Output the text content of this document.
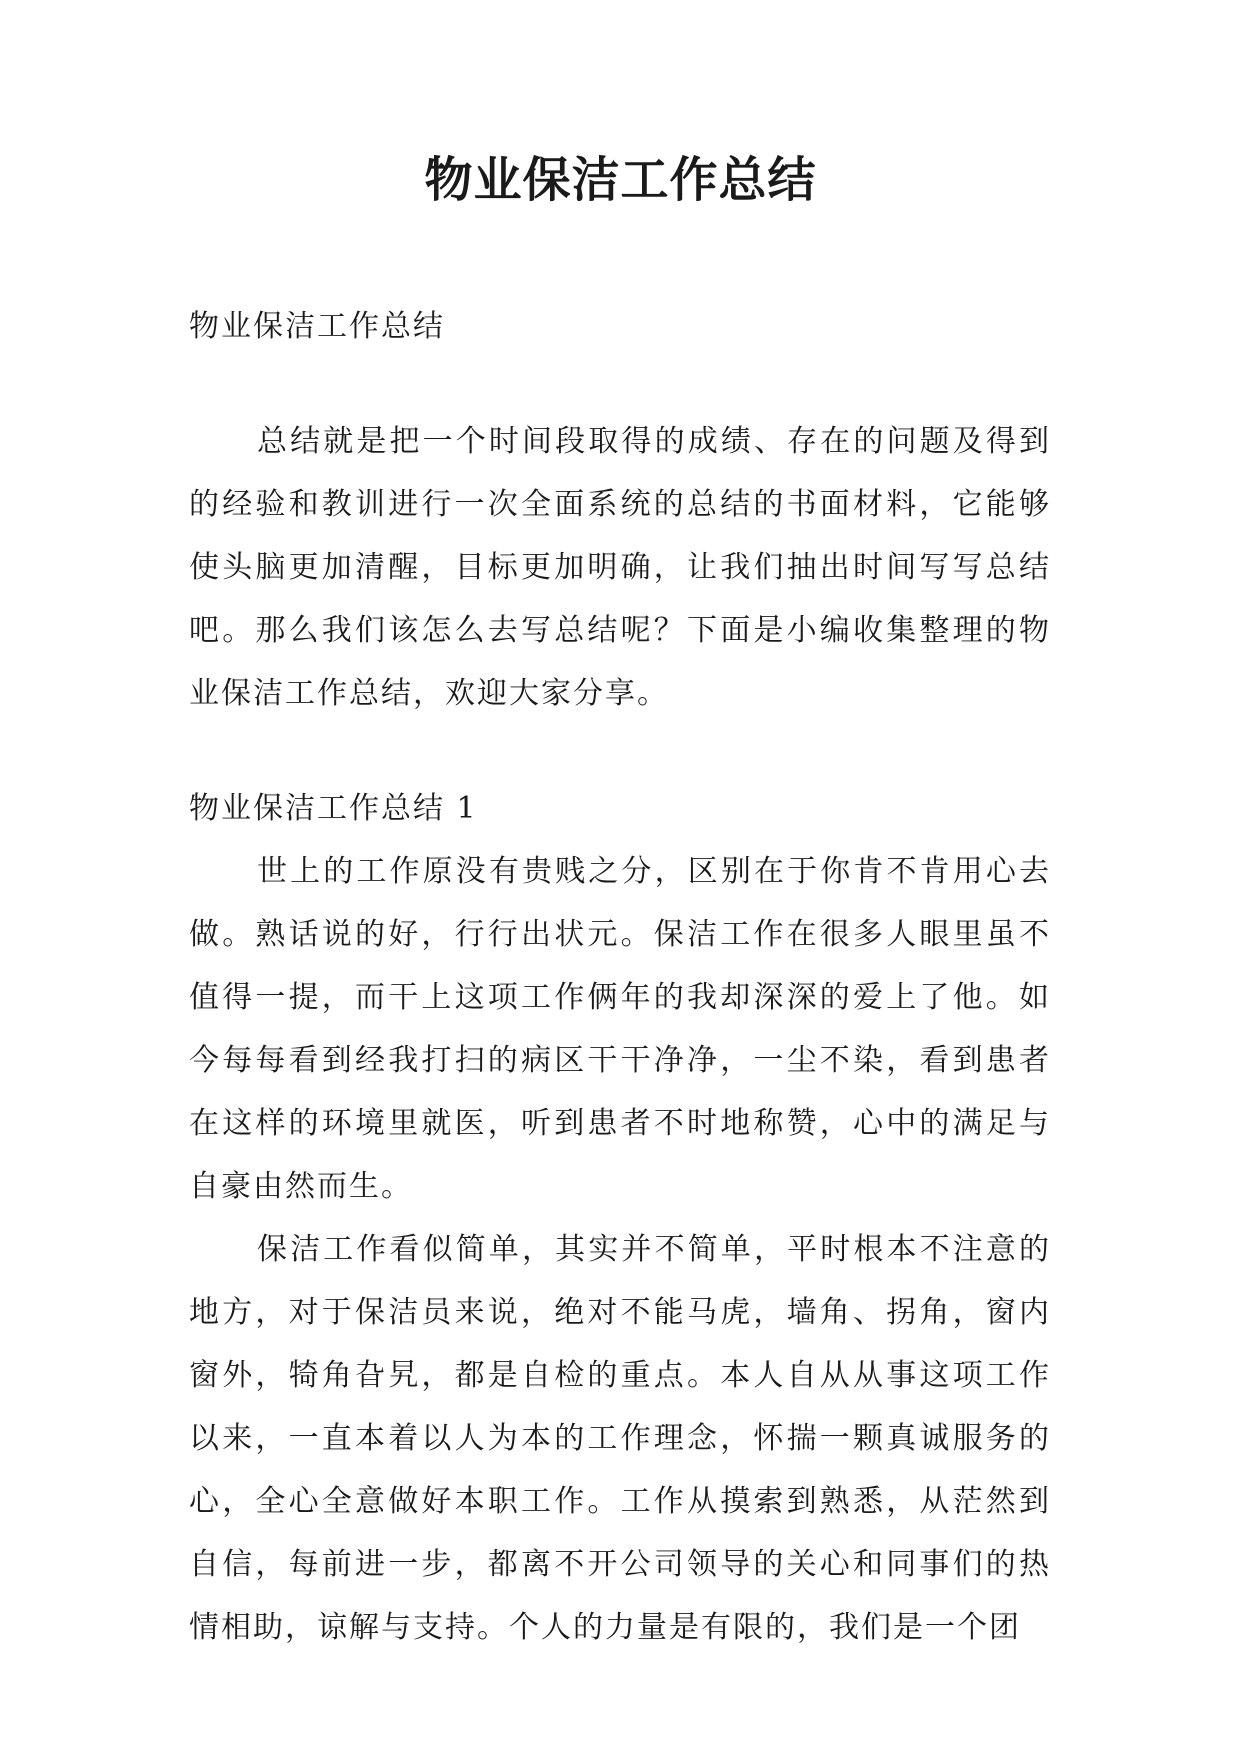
物业保洁工作总结

物业保洁工作总结

总结就是把一个时间段取得的成绩、存在的问题及得到的经验和教训进行一次全面系统的总结的书面材料，它能够使头脑更加清醒，目标更加明确，让我们抽出时间写写总结吧。那么我们该怎么去写总结呢？下面是小编收集整理的物业保洁工作总结，欢迎大家分享。

物业保洁工作总结 1

世上的工作原没有贵贱之分，区别在于你肯不肯用心去做。熟话说的好，行行出状元。保洁工作在很多人眼里虽不值得一提，而干上这项工作俩年的我却深深的爱上了他。如今每每看到经我打扫的病区干干净净，一尘不染，看到患者在这样的环境里就医，听到患者不时地称赞，心中的满足与自豪由然而生。

保洁工作看似简单，其实并不简单，平时根本不注意的地方，对于保洁员来说，绝对不能马虎，墙角、拐角，窗内窗外，犄角旮旯，都是自检的重点。本人自从从事这项工作以来，一直本着以人为本的工作理念，怀揣一颗真诚服务的心，全心全意做好本职工作。工作从摸索到熟悉，从茫然到自信，每前进一步，都离不开公司领导的关心和同事们的热情相助，谅解与支持。个人的力量是有限的，我们是一个团
